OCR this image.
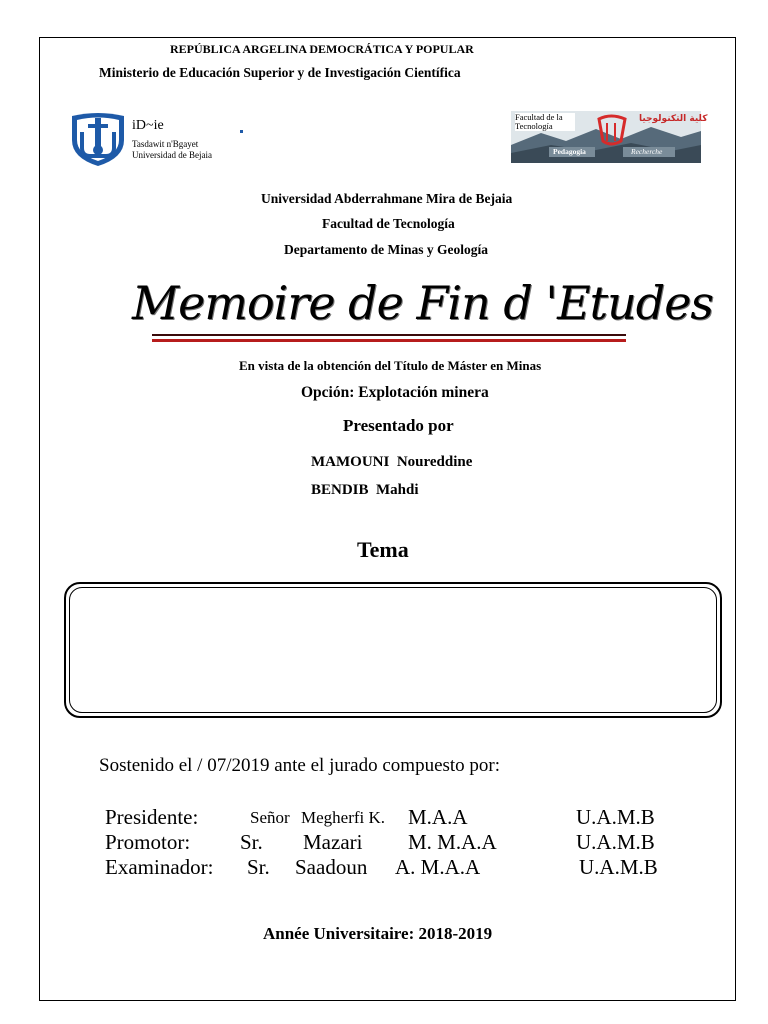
REPÚBLICA ARGELINA DEMOCRÁTICA Y POPULAR
Ministerio de Educación Superior y de Investigación Científica
iD~ie
Tasdawit n'Bgayet
Universidad de Bejaia
Facultad de la Tecnología
كلية التكنولوجيا
Pedagogia	Recherche
Universidad Abderrahmane Mira de Bejaia
Facultad de Tecnología
Departamento de Minas y Geología
Memoire de Fin d 'Etudes
En vista de la obtención del Título de Máster en Minas
Opción: Explotación minera
Presentado por
MAMOUNI  Noureddine
BENDIB  Mahdi
Tema
Sostenido el / 07/2019 ante el jurado compuesto por:
Presidente:	Señor Megherfi K. M.A.A	U.A.M.B
Promotor: Sr. Mazari M. M.A.A	U.A.M.B
Examinador: Sr. Saadoun A. M.A.A	U.A.M.B
Année Universitaire: 2018-2019
